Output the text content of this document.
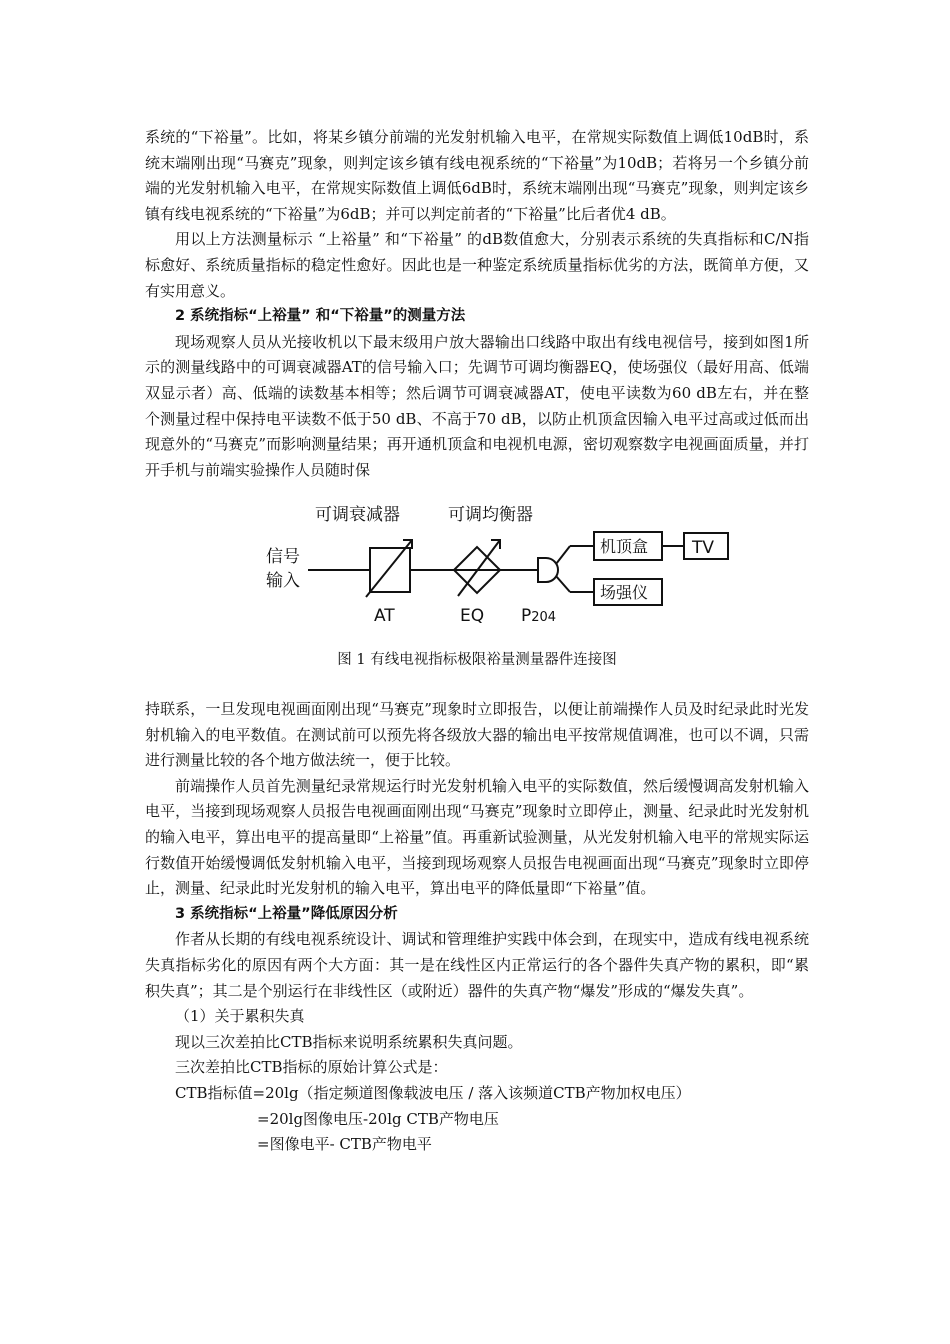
系统的“下裕量”。比如，将某乡镇分前端的光发射机输入电平，在常规实际数值上调低10dB时，系统末端刚出现“马赛克”现象，则判定该乡镇有线电视系统的“下裕量”为10dB；若将另一个乡镇分前端的光发射机输入电平，在常规实际数值上调低6dB时，系统末端刚出现“马赛克”现象，则判定该乡镇有线电视系统的“下裕量”为6dB；并可以判定前者的“下裕量”比后者优4 dB。

用以上方法测量标示 “上裕量” 和“下裕量” 的dB数值愈大，分别表示系统的失真指标和C/N指标愈好、系统质量指标的稳定性愈好。因此也是一种鉴定系统质量指标优劣的方法，既简单方便，又有实用意义。

2 系统指标“上裕量” 和“下裕量”的测量方法

现场观察人员从光接收机以下最末级用户放大器输出口线路中取出有线电视信号，接到如图1所示的测量线路中的可调衰减器AT的信号输入口；先调节可调均衡器EQ，使场强仪（最好用高、低端双显示者）高、低端的读数基本相等；然后调节可调衰减器AT，使电平读数为60 dB左右，并在整个测量过程中保持电平读数不低于50 dB、不高于70 dB，以防止机顶盒因输入电平过高或过低而出现意外的“马赛克”而影响测量结果；再开通机顶盒和电视机电源，密切观察数字电视画面质量，并打开手机与前端实验操作人员随时保

可调衰减器	可调均衡器
信号
输入
AT	EQ P204
机顶盒	TV
场强仪
图 1 有线电视指标极限裕量测量器件连接图

持联系，一旦发现电视画面刚出现“马赛克”现象时立即报告，以便让前端操作人员及时纪录此时光发射机输入的电平数值。在测试前可以预先将各级放大器的输出电平按常规值调准，也可以不调，只需进行测量比较的各个地方做法统一，便于比较。

前端操作人员首先测量纪录常规运行时光发射机输入电平的实际数值，然后缓慢调高发射机输入电平，当接到现场观察人员报告电视画面刚出现“马赛克”现象时立即停止，测量、纪录此时光发射机的输入电平，算出电平的提高量即“上裕量”值。再重新试验测量，从光发射机输入电平的常规实际运行数值开始缓慢调低发射机输入电平，当接到现场观察人员报告电视画面出现“马赛克”现象时立即停止，测量、纪录此时光发射机的输入电平，算出电平的降低量即“下裕量”值。

3 系统指标“上裕量”降低原因分析

作者从长期的有线电视系统设计、调试和管理维护实践中体会到，在现实中，造成有线电视系统失真指标劣化的原因有两个大方面：其一是在线性区内正常运行的各个器件失真产物的累积，即“累积失真”；其二是个别运行在非线性区（或附近）器件的失真产物“爆发”形成的“爆发失真”。

（1）关于累积失真

现以三次差拍比CTB指标来说明系统累积失真问题。

三次差拍比CTB指标的原始计算公式是：

CTB指标值=20lg（指定频道图像载波电压 / 落入该频道CTB产物加权电压）

=20lg图像电压-20lg CTB产物电压

=图像电平- CTB产物电平
